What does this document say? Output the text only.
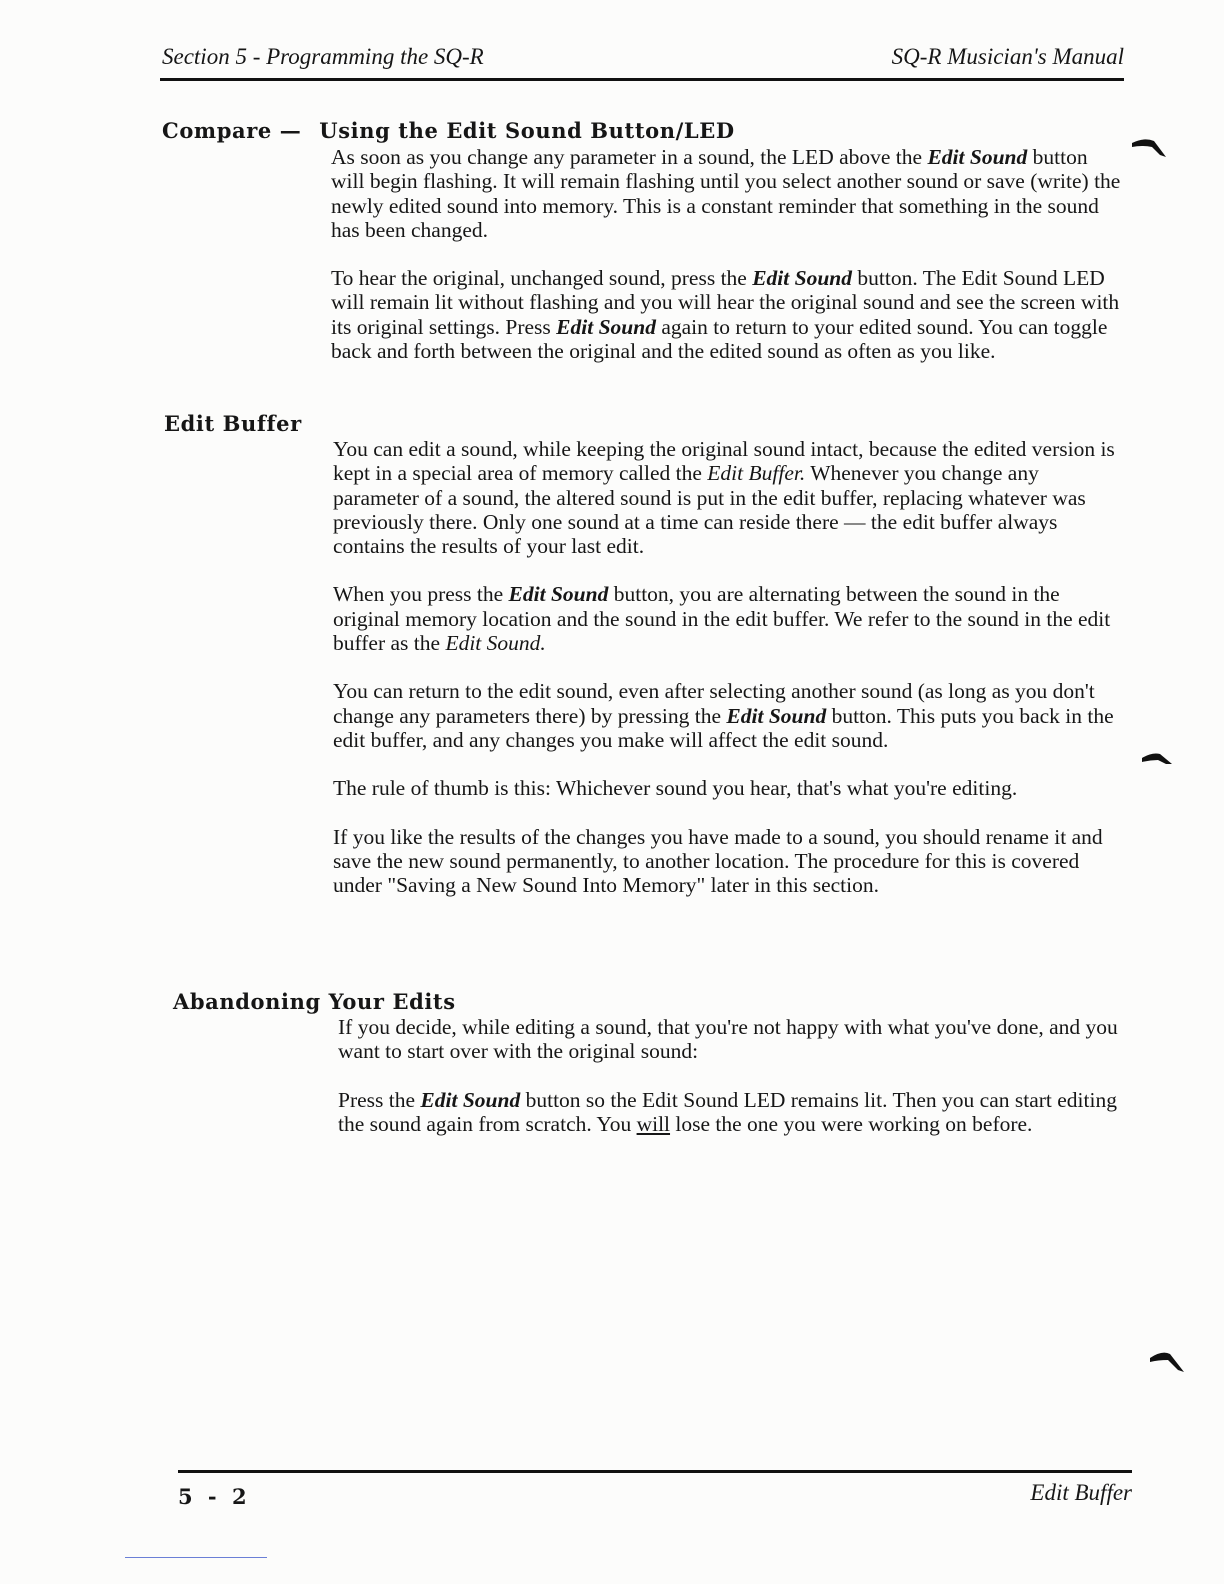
Section 5 - Programming the SQ-R	SQ-R Musician's Manual
Compare — Using the Edit Sound Button/LED

As soon as you change any parameter in a sound, the LED above the Edit Sound button will begin flashing. It will remain flashing until you select another sound or save (write) the newly edited sound into memory. This is a constant reminder that something in the sound has been changed.

To hear the original, unchanged sound, press the Edit Sound button. The Edit Sound LED will remain lit without flashing and you will hear the original sound and see the screen with its original settings. Press Edit Sound again to return to your edited sound. You can toggle back and forth between the original and the edited sound as often as you like.

Edit Buffer

You can edit a sound, while keeping the original sound intact, because the edited version is kept in a special area of memory called the Edit Buffer. Whenever you change any parameter of a sound, the altered sound is put in the edit buffer, replacing whatever was previously there. Only one sound at a time can reside there — the edit buffer always contains the results of your last edit.

When you press the Edit Sound button, you are alternating between the sound in the original memory location and the sound in the edit buffer. We refer to the sound in the edit buffer as the Edit Sound.

You can return to the edit sound, even after selecting another sound (as long as you don't change any parameters there) by pressing the Edit Sound button. This puts you back in the edit buffer, and any changes you make will affect the edit sound.

The rule of thumb is this: Whichever sound you hear, that's what you're editing.

If you like the results of the changes you have made to a sound, you should rename it and save the new sound permanently, to another location. The procedure for this is covered under "Saving a New Sound Into Memory" later in this section.

Abandoning Your Edits

If you decide, while editing a sound, that you're not happy with what you've done, and you want to start over with the original sound:

Press the Edit Sound button so the Edit Sound LED remains lit. Then you can start editing the sound again from scratch. You will lose the one you were working on before.

5 - 2	Edit Buffer
